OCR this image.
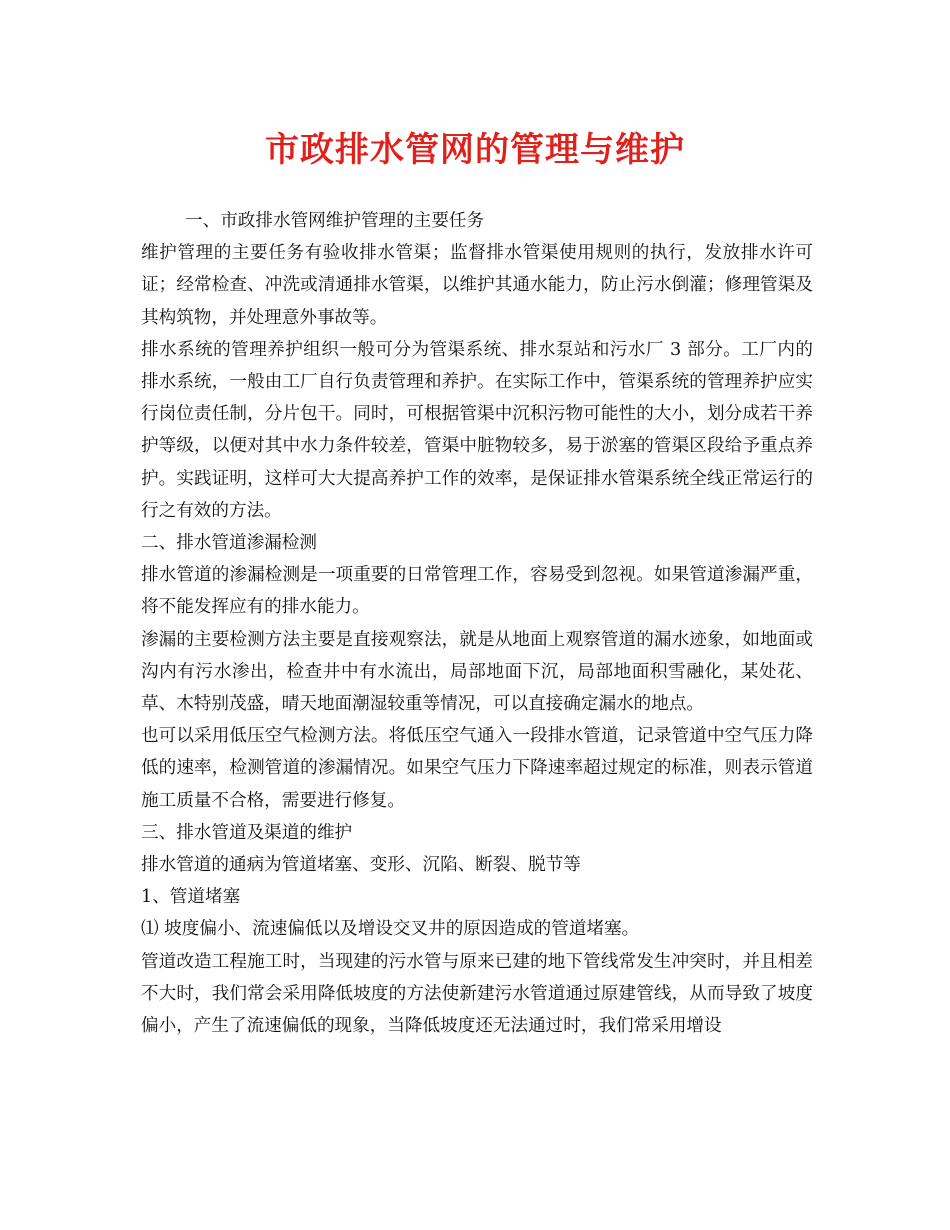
市政排水管网的管理与维护

一、市政排水管网维护管理的主要任务

维护管理的主要任务有验收排水管渠；监督排水管渠使用规则的执行，发放排水许可证；经常检查、冲洗或清通排水管渠，以维护其通水能力，防止污水倒灌；修理管渠及其构筑物，并处理意外事故等。

排水系统的管理养护组织一般可分为管渠系统、排水泵站和污水厂 3 部分。工厂内的排水系统，一般由工厂自行负责管理和养护。在实际工作中，管渠系统的管理养护应实行岗位责任制，分片包干。同时，可根据管渠中沉积污物可能性的大小，划分成若干养护等级，以便对其中水力条件较差，管渠中脏物较多，易于淤塞的管渠区段给予重点养护。实践证明，这样可大大提高养护工作的效率，是保证排水管渠系统全线正常运行的行之有效的方法。

二、排水管道渗漏检测

排水管道的渗漏检测是一项重要的日常管理工作，容易受到忽视。如果管道渗漏严重，将不能发挥应有的排水能力。

渗漏的主要检测方法主要是直接观察法，就是从地面上观察管道的漏水迹象，如地面或沟内有污水渗出，检查井中有水流出，局部地面下沉，局部地面积雪融化，某处花、草、木特别茂盛，晴天地面潮湿较重等情况，可以直接确定漏水的地点。

也可以采用低压空气检测方法。将低压空气通入一段排水管道，记录管道中空气压力降低的速率，检测管道的渗漏情况。如果空气压力下降速率超过规定的标准，则表示管道施工质量不合格，需要进行修复。

三、排水管道及渠道的维护

排水管道的通病为管道堵塞、变形、沉陷、断裂、脱节等

1、管道堵塞

⑴ 坡度偏小、流速偏低以及增设交叉井的原因造成的管道堵塞。

管道改造工程施工时，当现建的污水管与原来已建的地下管线常发生冲突时，并且相差不大时，我们常会采用降低坡度的方法使新建污水管道通过原建管线，从而导致了坡度偏小，产生了流速偏低的现象，当降低坡度还无法通过时，我们常采用增设
